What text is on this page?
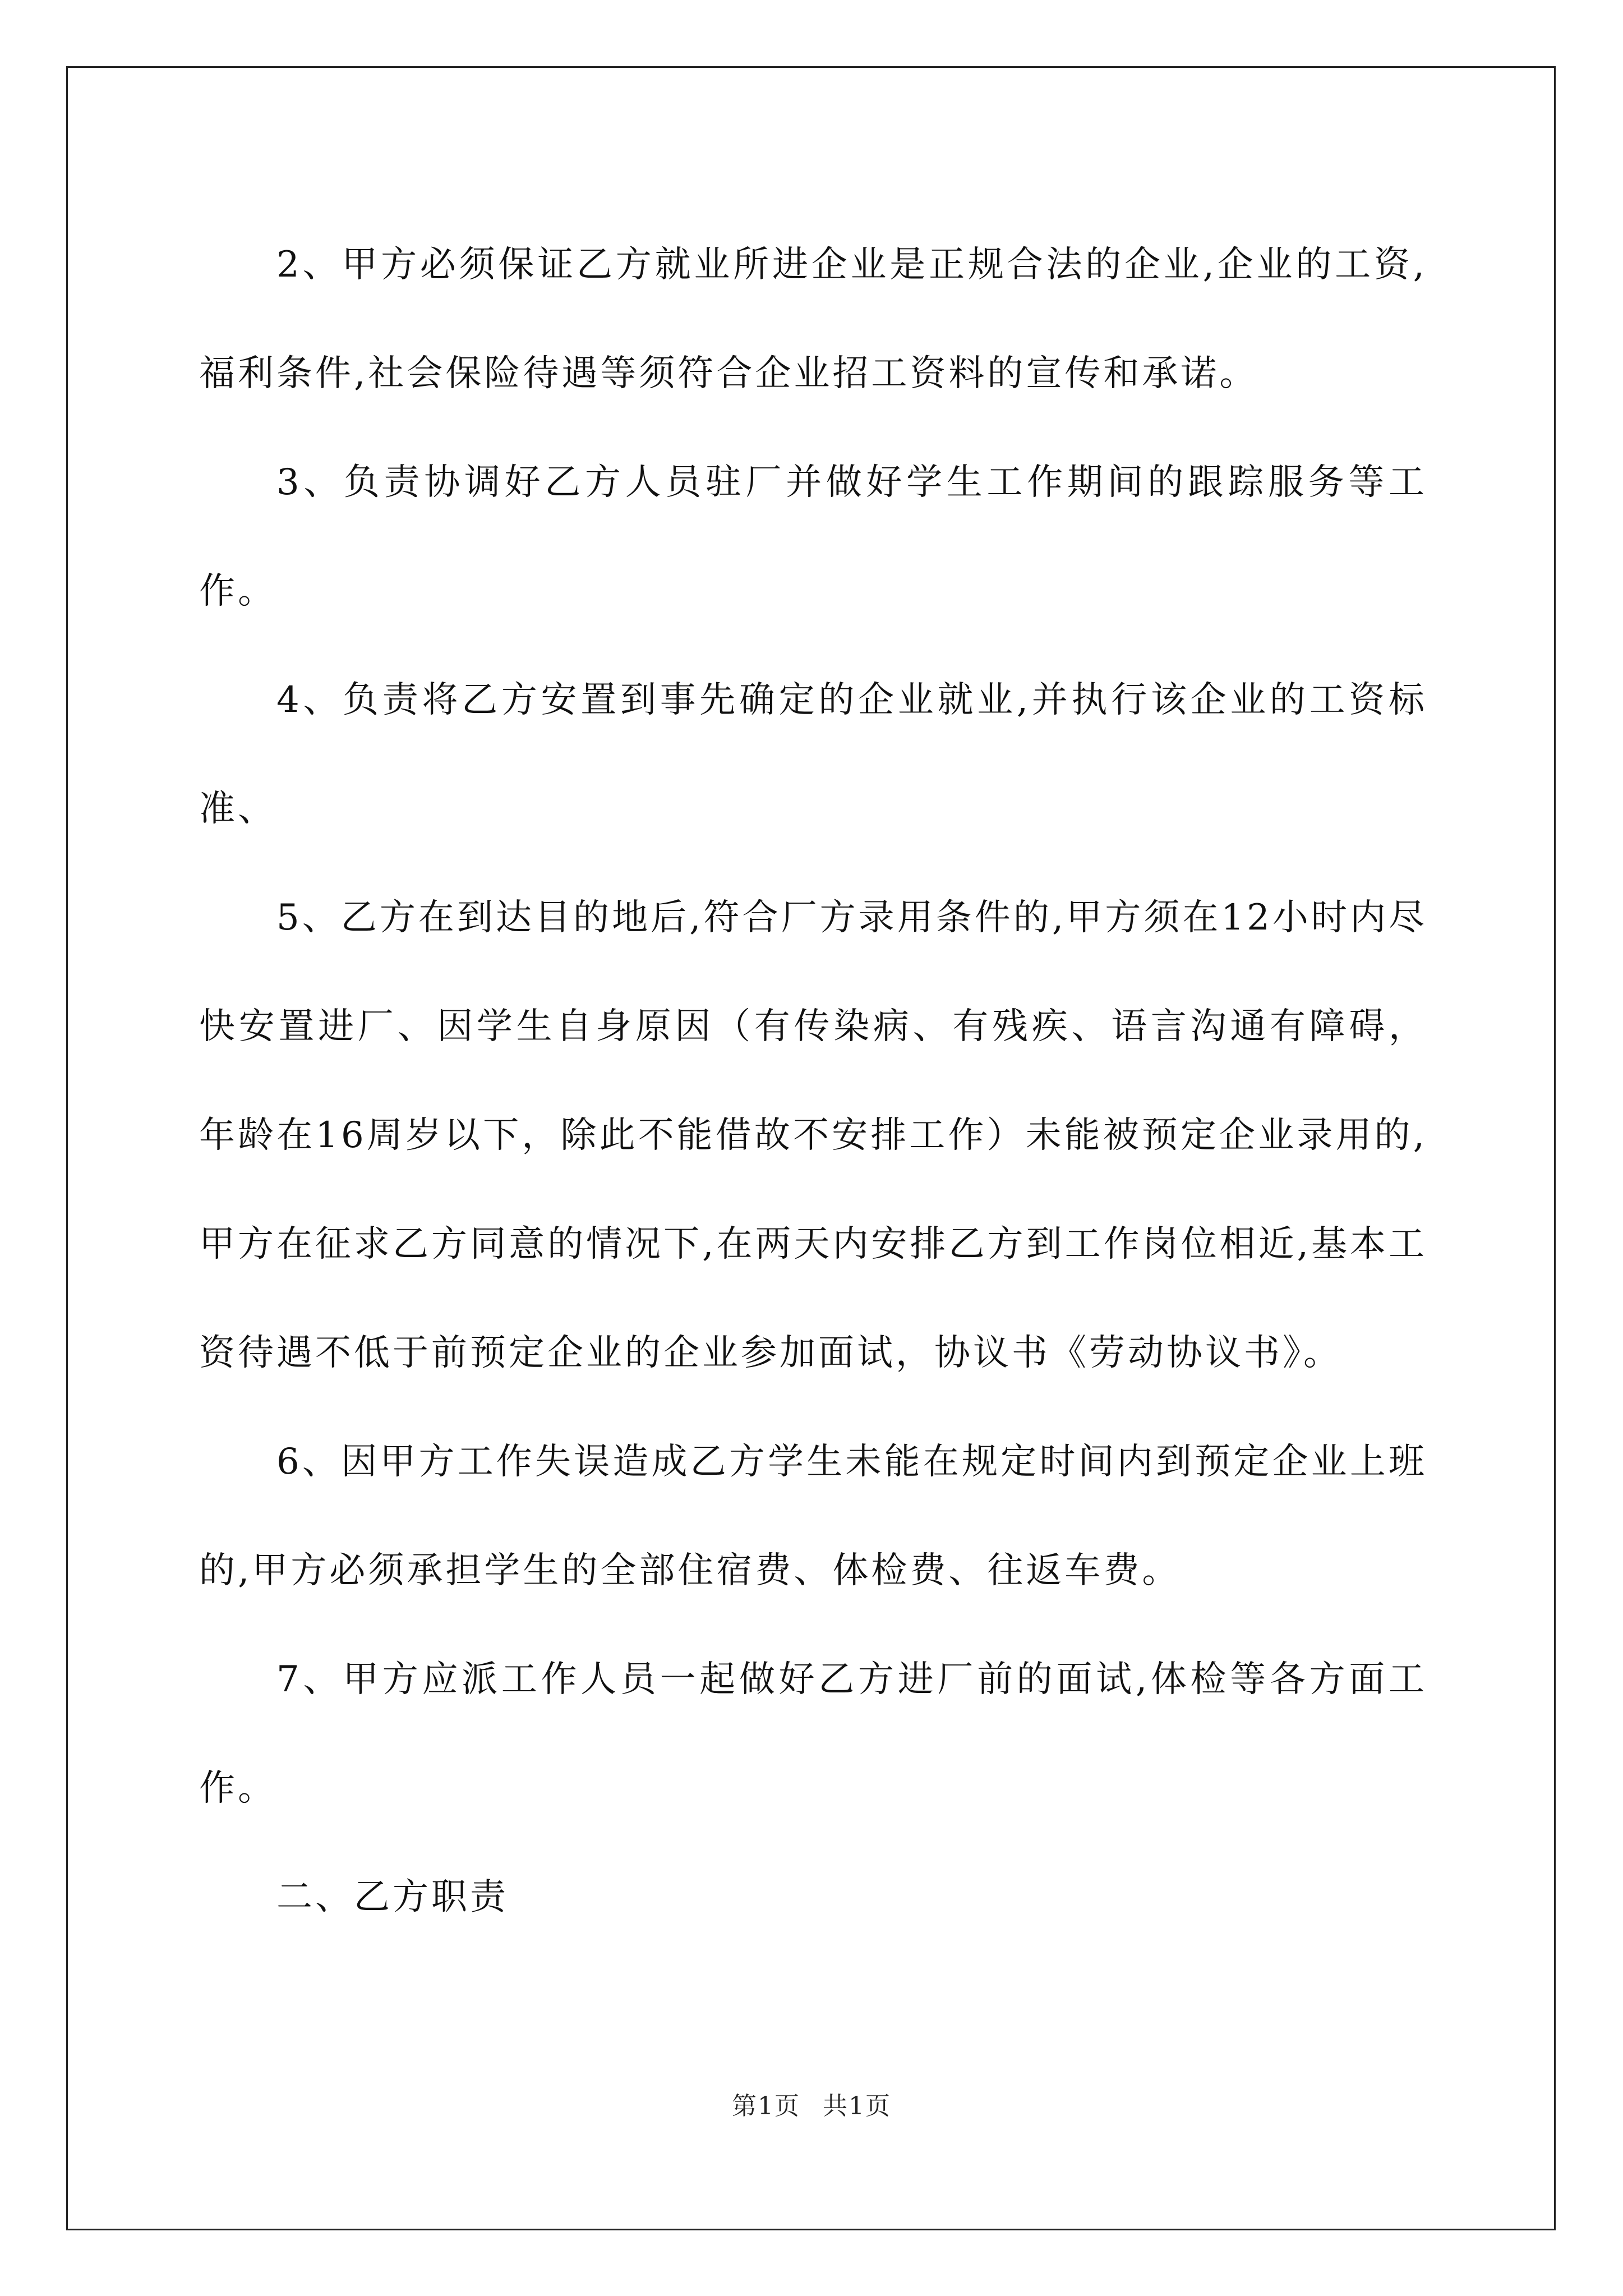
2、甲方必须保证乙方就业所进企业是正规合法的企业,企业的工资,福利条件,社会保险待遇等须符合企业招工资料的宣传和承诺。

3、负责协调好乙方人员驻厂并做好学生工作期间的跟踪服务等工作。

4、负责将乙方安置到事先确定的企业就业,并执行该企业的工资标准、

5、乙方在到达目的地后,符合厂方录用条件的,甲方须在12小时内尽快安置进厂、因学生自身原因（有传染病、有残疾、语言沟通有障碍，年龄在16周岁以下，除此不能借故不安排工作）未能被预定企业录用的,甲方在征求乙方同意的情况下,在两天内安排乙方到工作岗位相近,基本工资待遇不低于前预定企业的企业参加面试，协议书《劳动协议书》。

6、因甲方工作失误造成乙方学生未能在规定时间内到预定企业上班的,甲方必须承担学生的全部住宿费、体检费、往返车费。

7、甲方应派工作人员一起做好乙方进厂前的面试,体检等各方面工作。

二、乙方职责

第1页 共1页
